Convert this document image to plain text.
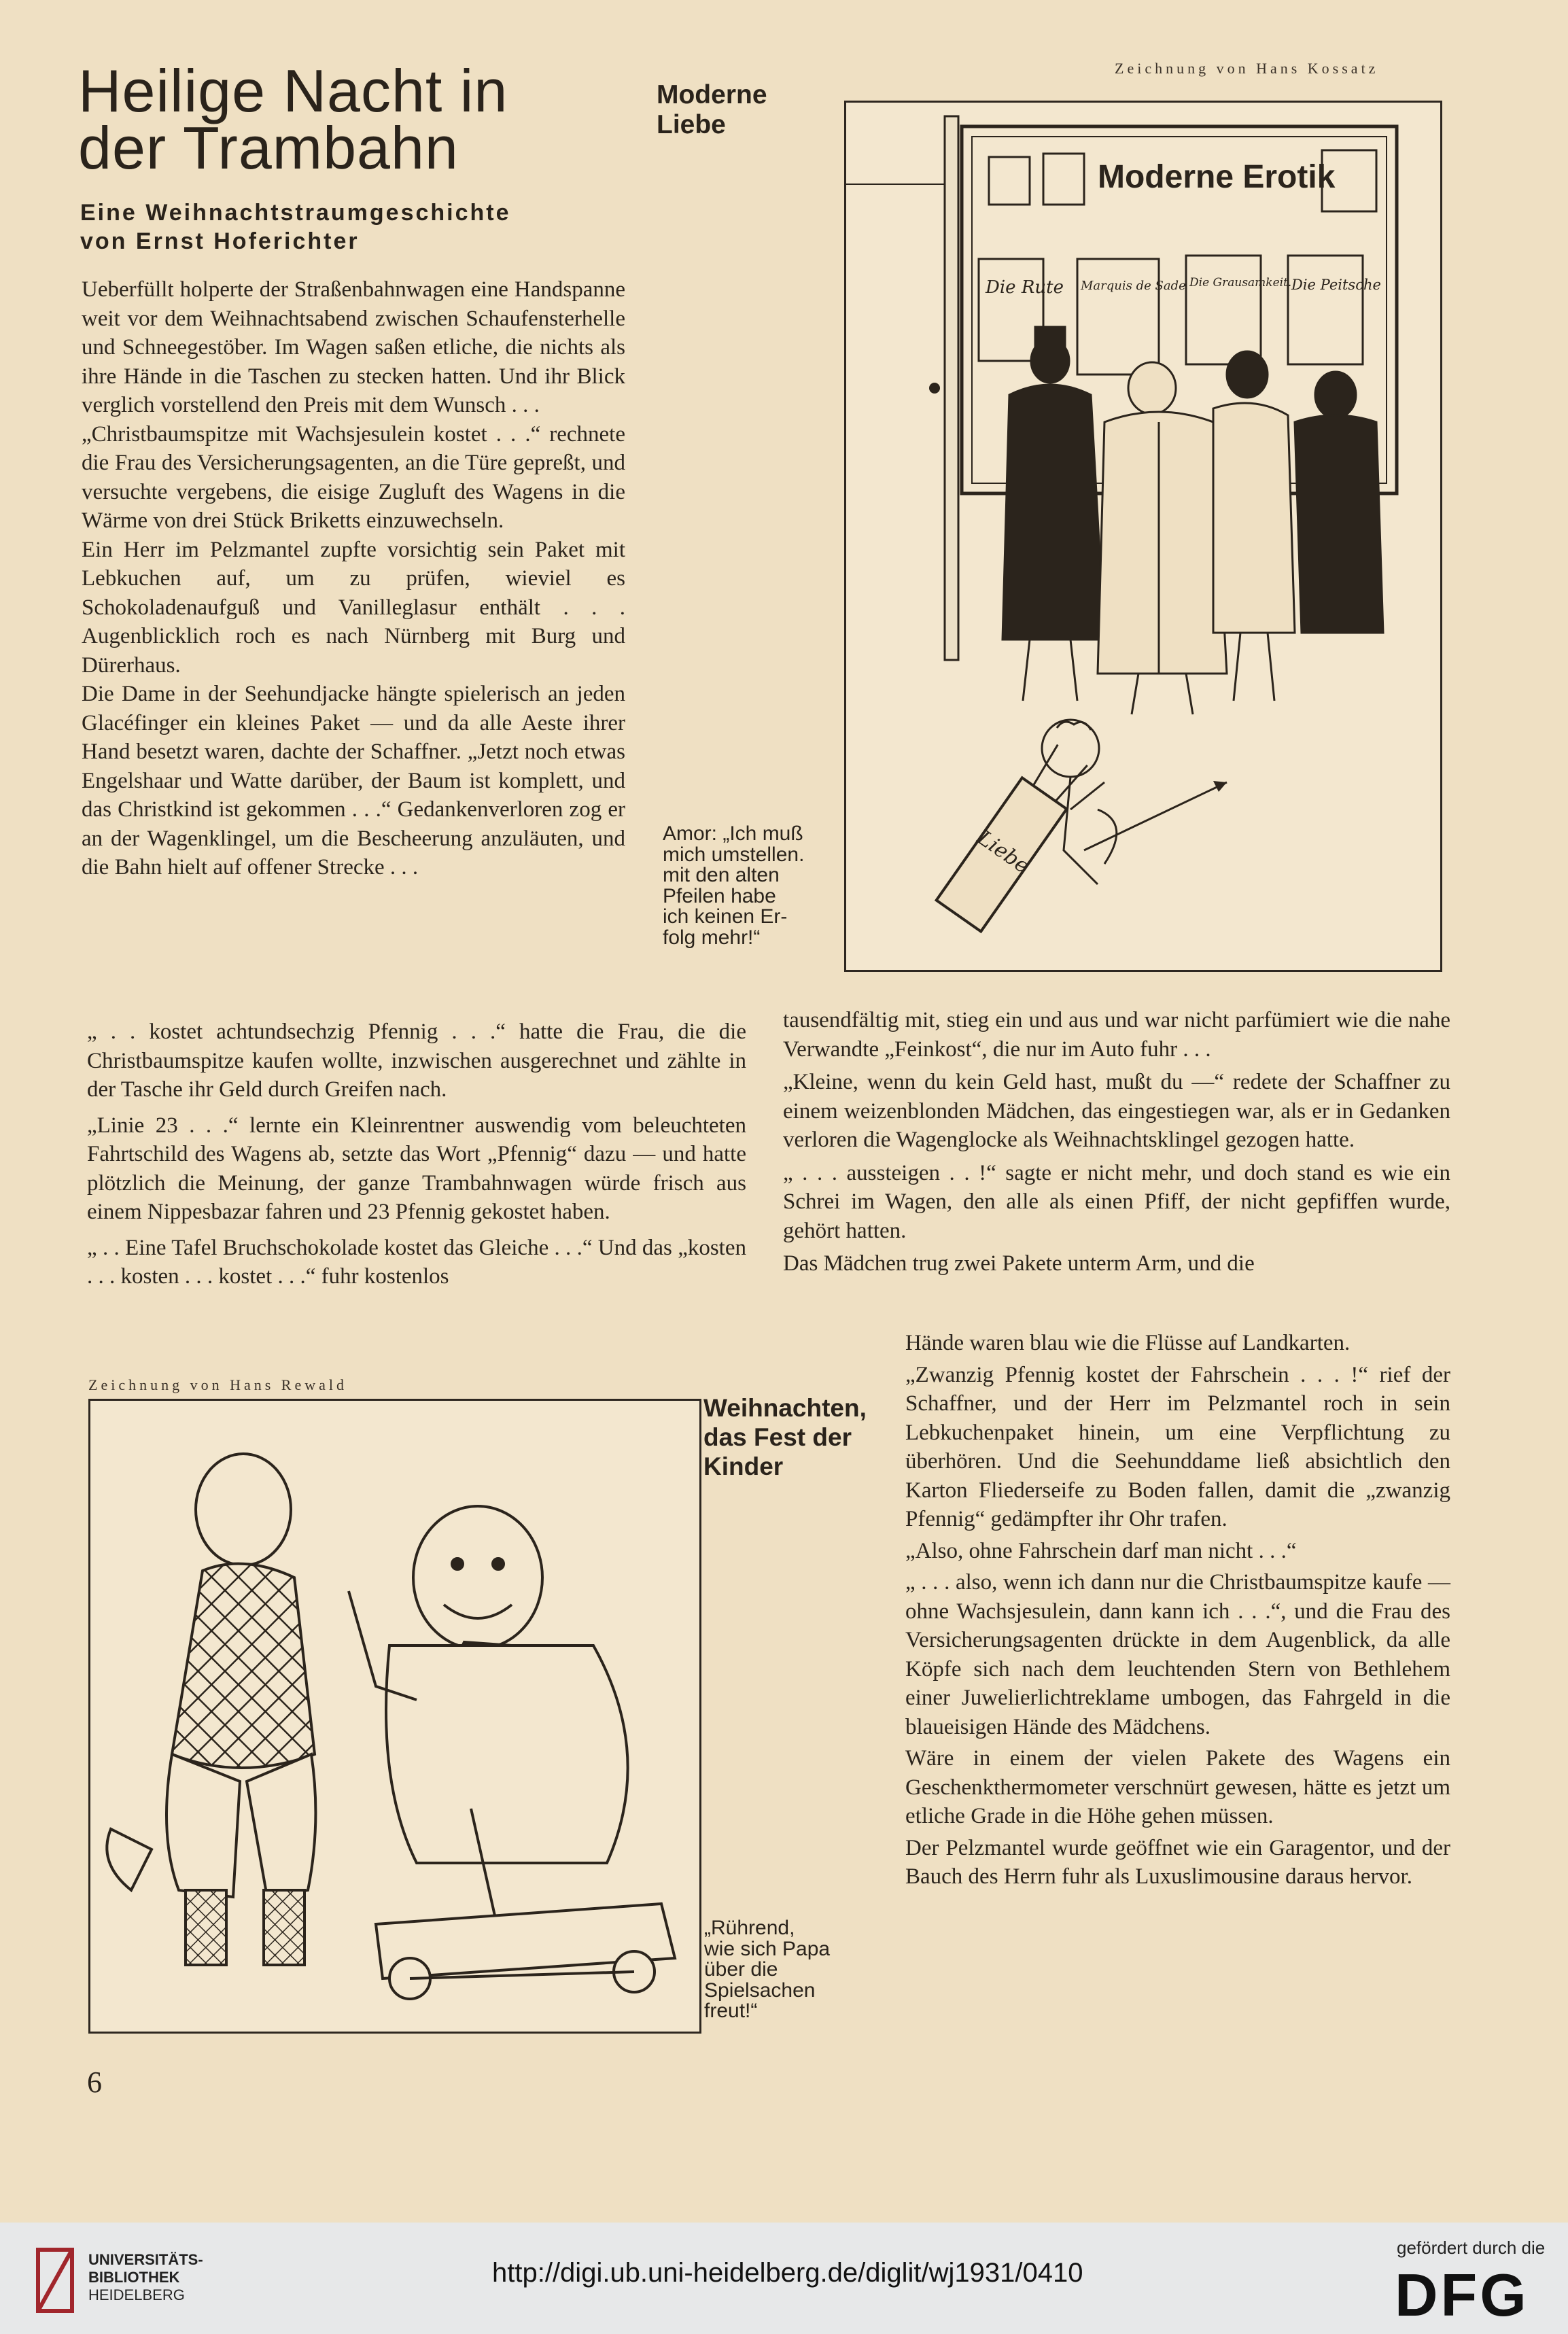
Heilige Nacht in
der Trambahn
Eine Weihnachtstraumgeschichte
von Ernst Hoferichter
Moderne
Liebe
Zeichnung von Hans Kossatz
Moderne Erotik
Die Rute Marquis de Sade Die Grausamkeit. Die Peitsche
Liebe
Amor: „Ich muß
mich umstellen.
mit den alten
Pfeilen habe
ich keinen Er-
folg mehr!“

Ueberfüllt holperte der Straßenbahnwagen eine Handspanne weit vor dem Weihnachtsabend zwischen Schaufensterhelle und Schneegestöber. Im Wagen saßen etliche, die nichts als ihre Hände in die Taschen zu stecken hatten. Und ihr Blick verglich vorstellend den Preis mit dem Wunsch . . .

„Christbaumspitze mit Wachsjesulein kostet . . .“ rechnete die Frau des Versicherungsagenten, an die Türe gepreßt, und versuchte vergebens, die eisige Zugluft des Wagens in die Wärme von drei Stück Briketts einzuwechseln.

Ein Herr im Pelzmantel zupfte vorsichtig sein Paket mit Lebkuchen auf, um zu prüfen, wieviel es Schokoladenaufguß und Vanilleglasur enthält . . . Augenblicklich roch es nach Nürnberg mit Burg und Dürerhaus.

Die Dame in der Seehundjacke hängte spielerisch an jeden Glacéfinger ein kleines Paket — und da alle Aeste ihrer Hand besetzt waren, dachte der Schaffner. „Jetzt noch etwas Engelshaar und Watte darüber, der Baum ist komplett, und das Christkind ist gekommen . . .“ Gedankenverloren zog er an der Wagenklingel, um die Bescheerung anzuläuten, und die Bahn hielt auf offener Strecke . . .

„ . . kostet achtundsechzig Pfennig . . .“ hatte die Frau, die die Christbaumspitze kaufen wollte, inzwischen ausgerechnet und zählte in der Tasche ihr Geld durch Greifen nach.

„Linie 23 . . .“ lernte ein Kleinrentner auswendig vom beleuchteten Fahrtschild des Wagens ab, setzte das Wort „Pfennig“ dazu — und hatte plötzlich die Meinung, der ganze Trambahnwagen würde frisch aus einem Nippesbazar fahren und 23 Pfennig gekostet haben.

„ . . Eine Tafel Bruchschokolade kostet das Gleiche . . .“ Und das „kosten . . . kosten . . . kostet . . .“ fuhr kostenlos

tausendfältig mit, stieg ein und aus und war nicht parfümiert wie die nahe Verwandte „Feinkost“, die nur im Auto fuhr . . .

„Kleine, wenn du kein Geld hast, mußt du —“ redete der Schaffner zu einem weizenblonden Mädchen, das eingestiegen war, als er in Gedanken verloren die Wagenglocke als Weihnachtsklingel gezogen hatte.

„ . . . aussteigen . . !“ sagte er nicht mehr, und doch stand es wie ein Schrei im Wagen, den alle als einen Pfiff, der nicht gepfiffen wurde, gehört hatten.

Das Mädchen trug zwei Pakete unterm Arm, und die

Hände waren blau wie die Flüsse auf Landkarten.

„Zwanzig Pfennig kostet der Fahrschein . . . !“ rief der Schaffner, und der Herr im Pelzmantel roch in sein Lebkuchenpaket hinein, um eine Verpflichtung zu überhören. Und die Seehunddame ließ absichtlich den Karton Fliederseife zu Boden fallen, damit die „zwanzig Pfennig“ gedämpfter ihr Ohr trafen.

„Also, ohne Fahrschein darf man nicht . . .“

„ . . . also, wenn ich dann nur die Christbaumspitze kaufe — ohne Wachsjesulein, dann kann ich . . .“, und die Frau des Versicherungsagenten drückte in dem Augenblick, da alle Köpfe sich nach dem leuchtenden Stern von Bethlehem einer Juwelierlichtreklame umbogen, das Fahrgeld in die blaueisigen Hände des Mädchens.

Wäre in einem der vielen Pakete des Wagens ein Geschenkthermometer verschnürt gewesen, hätte es jetzt um etliche Grade in die Höhe gehen müssen.

Der Pelzmantel wurde geöffnet wie ein Garagentor, und der Bauch des Herrn fuhr als Luxuslimousine daraus hervor.

Zeichnung von Hans Rewald
Weihnachten,
das Fest der
Kinder
„Rührend,
wie sich Papa
über die
Spielsachen
freut!“
6
UNIVERSITÄTS-
BIBLIOTHEK
HEIDELBERG
http://digi.ub.uni-heidelberg.de/diglit/wj1931/0410
gefördert durch die
DFG
